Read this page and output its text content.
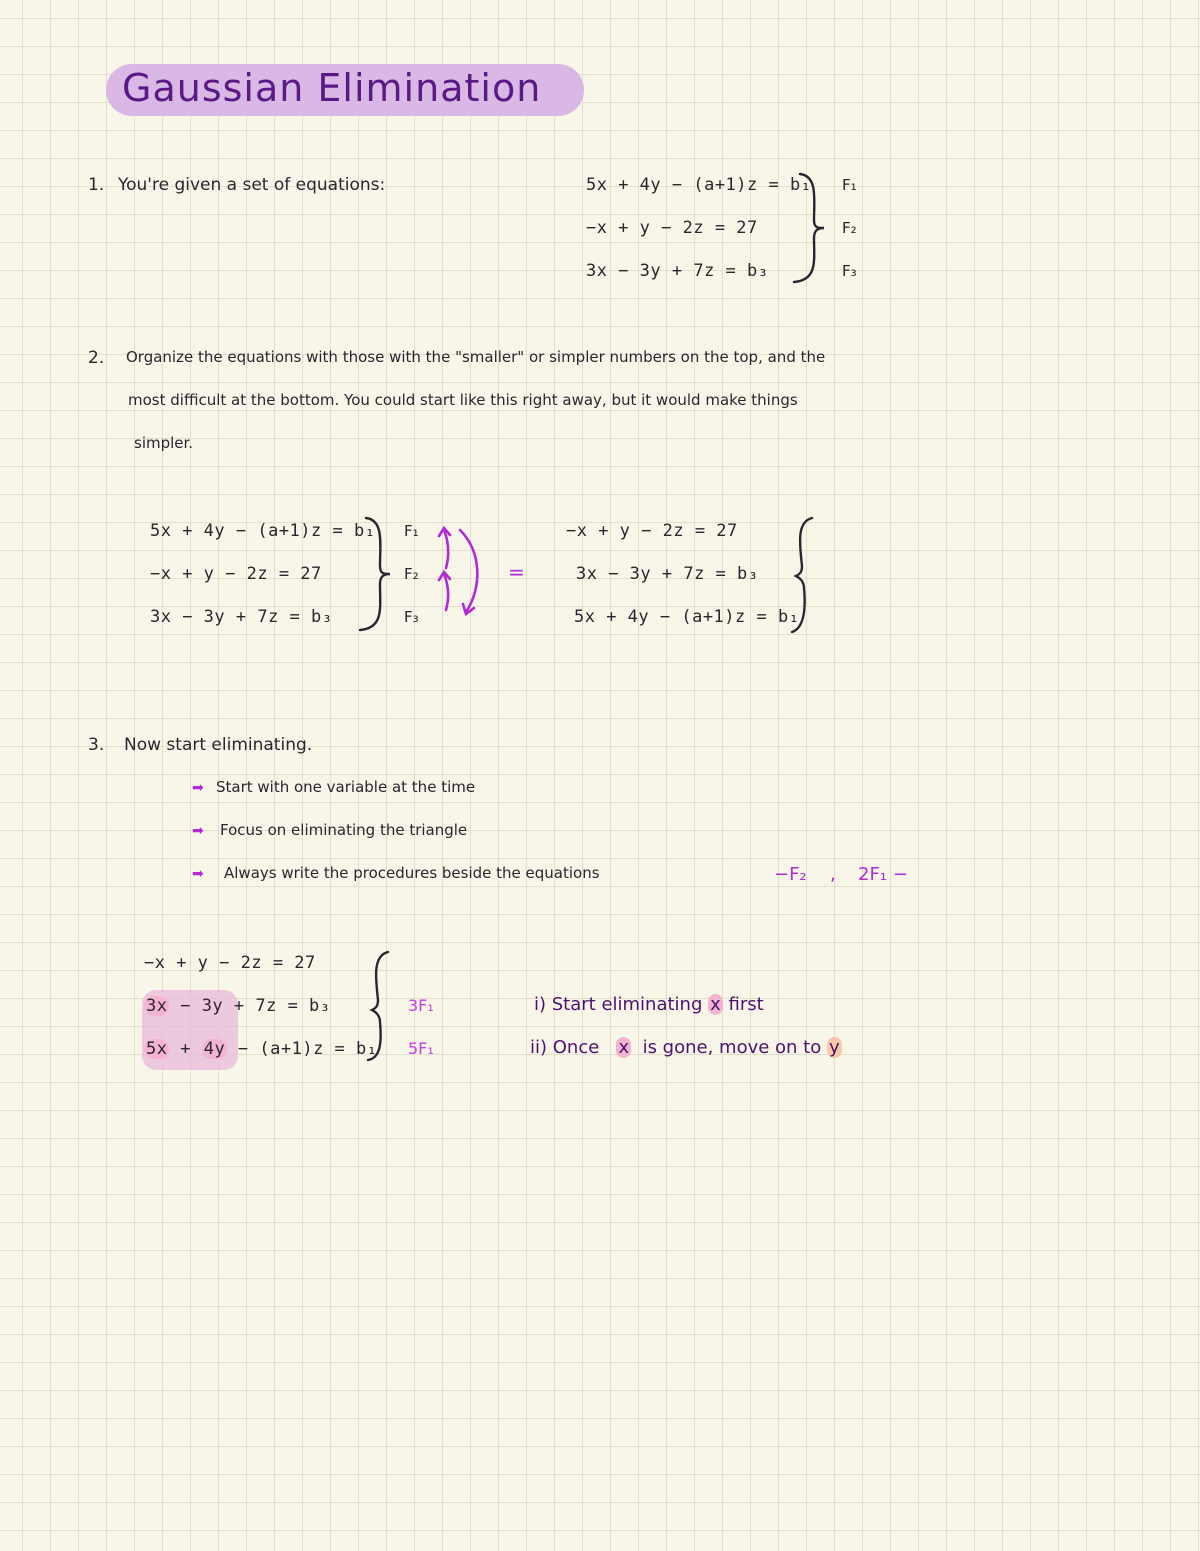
Gaussian Elimination
1. You're given a set of equations:	5x + 4y − (a+1)z = b₁
−x + y − 2z = 27
3x − 3y + 7z = b₃
F₁
F₂
F₃
2. Organize the equations with those with the "smaller" or simpler numbers on the top, and the
most difficult at the bottom. You could start like this right away, but it would make things
simpler.
5x + 4y − (a+1)z = b₁
−x + y − 2z = 27
3x − 3y + 7z = b₃
F₁
F₂
F₃
=
−x + y − 2z = 27
3x − 3y + 7z = b₃
5x + 4y − (a+1)z = b₁
3. Now start eliminating.
➡ Start with one variable at the time
➡ Focus on eliminating the triangle
➡ Always write the procedures beside the equations	−F₂ , 2F₁ −
−x + y − 2z = 27
3x − 3y + 7z = b₃
5x + 4y − (a+1)z = b₁
3F₁
5F₁
i) Start eliminating x first
ii) Once x is gone, move on to y
